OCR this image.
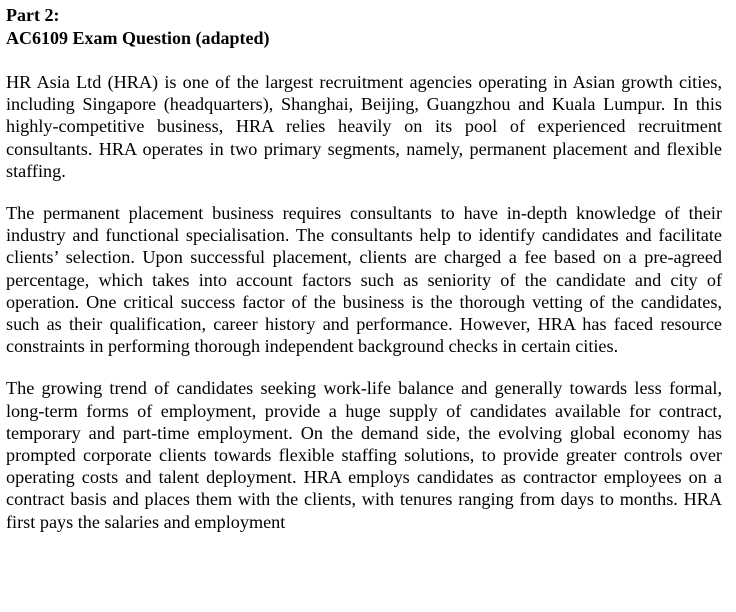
Part 2:

AC6109 Exam Question (adapted)

HR Asia Ltd (HRA) is one of the largest recruitment agencies operating in Asian growth cities, including Singapore (headquarters), Shanghai, Beijing, Guangzhou and Kuala Lumpur. In this highly-competitive business, HRA relies heavily on its pool of experienced recruitment consultants. HRA operates in two primary segments, namely, permanent placement and flexible staffing.

The permanent placement business requires consultants to have in-depth knowledge of their industry and functional specialisation. The consultants help to identify candidates and facilitate clients’ selection. Upon successful placement, clients are charged a fee based on a pre-agreed percentage, which takes into account factors such as seniority of the candidate and city of operation. One critical success factor of the business is the thorough vetting of the candidates, such as their qualification, career history and performance. However, HRA has faced resource constraints in performing thorough independent background checks in certain cities.

The growing trend of candidates seeking work-life balance and generally towards less formal, long-term forms of employment, provide a huge supply of candidates available for contract, temporary and part-time employment. On the demand side, the evolving global economy has prompted corporate clients towards flexible staffing solutions, to provide greater controls over operating costs and talent deployment. HRA employs candidates as contractor employees on a contract basis and places them with the clients, with tenures ranging from days to months. HRA first pays the salaries and employment
